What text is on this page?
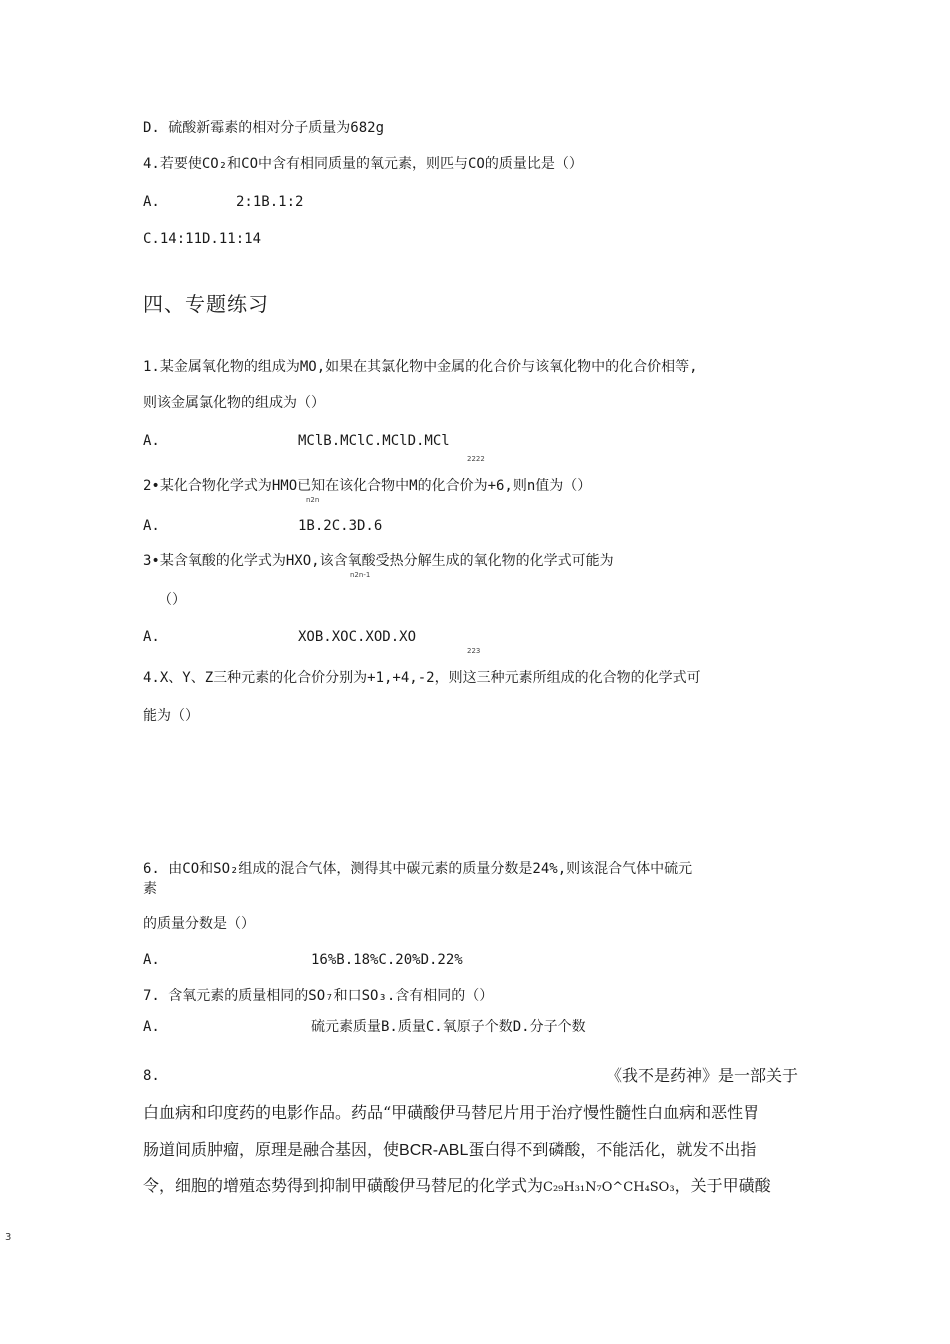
D. 硫酸新霉素的相对分子质量为682g
4.若要使CO₂和CO中含有相同质量的氧元素，则匹与CO的质量比是（）
A.	2:1B.1:2
C.14:11D.11:14
四、专题练习
1.某金属氧化物的组成为MO,如果在其氯化物中金属的化合价与该氧化物中的化合价相等,
则该金属氯化物的组成为（）
A.	MClB.MClC.MClD.MCl
2222
2•某化合物化学式为HMO已知在该化合物中M的化合价为+6,则n值为（）
n2n
A.	1B.2C.3D.6
3•某含氧酸的化学式为HXO,该含氧酸受热分解生成的氧化物的化学式可能为
n2n-1
（）
A.	XOB.XOC.XOD.XO
223
4.X、Y、Z三种元素的化合价分别为+1,+4,-2，则这三种元素所组成的化合物的化学式可
能为（）
6. 由CO和SO₂组成的混合气体，测得其中碳元素的质量分数是24%,则该混合气体中硫元
素
的质量分数是（）
A.	16%B.18%C.20%D.22%
7. 含氧元素的质量相同的SO₇和口SO₃.含有相同的（）
A.	硫元素质量B.质量C.氧原子个数D.分子个数
8.	《我不是药神》是一部关于
白血病和印度药的电影作品。药品“甲磺酸伊马替尼片用于治疗慢性髓性白血病和恶性胃
肠道间质肿瘤，原理是融合基因，使BCR-ABL蛋白得不到磷酸，不能活化，就发不出指
令，细胞的增殖态势得到抑制甲磺酸伊马替尼的化学式为C₂₉H₃₁N₇O^CH₄SO₃，关于甲磺酸
3
